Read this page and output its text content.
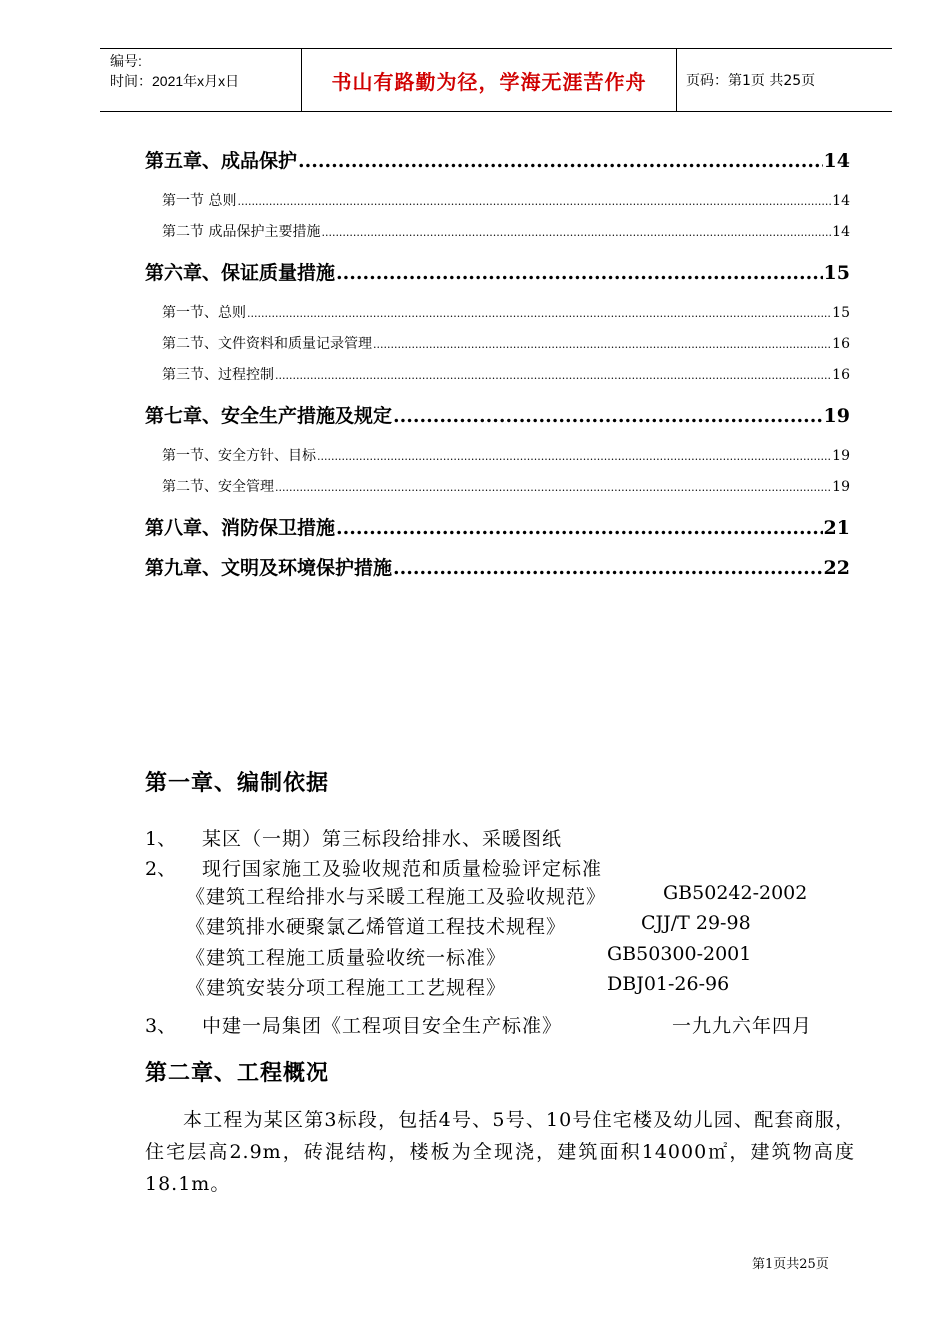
编号:
时间：2021年x月x日	书山有路勤为径，学海无涯苦作舟	页码：第1页 共25页
第五章、成品保护 .....	14
第一节 总则 .....	14
第二节 成品保护主要措施 .....	14
第六章、保证质量措施 .....	15
第一节、总则 .....	15
第二节、文件资料和质量记录管理 .....	16
第三节、过程控制 .....	16
第七章、安全生产措施及规定 .....	19
第一节、安全方针、目标 .....	19
第二节、安全管理 .....	19
第八章、消防保卫措施 .....	21
第九章、文明及环境保护措施 .....	22
第一章、编制依据
1、 某区（一期）第三标段给排水、采暖图纸
2、 现行国家施工及验收规范和质量检验评定标准
《建筑工程给排水与采暖工程施工及验收规范》	GB50242-2002
《建筑排水硬聚氯乙烯管道工程技术规程》	CJJ/T 29-98
《建筑工程施工质量验收统一标准》	GB50300-2001
《建筑安装分项工程施工工艺规程》	DBJ01-26-96
3、 中建一局集团《工程项目安全生产标准》	一九九六年四月
第二章、工程概况
本工程为某区第3标段，包括4号、5号、10号住宅楼及幼儿园、配套商服，住宅层高2.9m，砖混结构，楼板为全现浇，建筑面积14000㎡，建筑物高度18.1m。
第1页共25页
